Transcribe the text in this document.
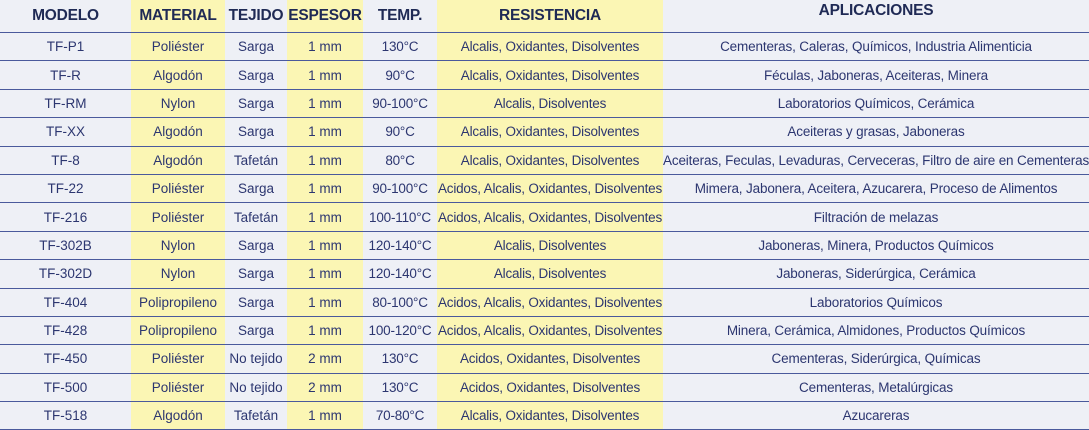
MODELO	MATERIAL	TEJIDO	ESPESOR	TEMP.	RESISTENCIA	APLICACIONES
TF-P1	Poliéster	Sarga	1 mm	130°C	Alcalis, Oxidantes, Disolventes	Cementeras, Caleras, Químicos, Industria Alimenticia
TF-R	Algodón	Sarga	1 mm	90°C	Alcalis, Oxidantes, Disolventes	Féculas, Jaboneras, Aceiteras, Minera
TF-RM	Nylon	Sarga	1 mm	90-100°C	Alcalis, Disolventes	Laboratorios Químicos, Cerámica
TF-XX	Algodón	Sarga	1 mm	90°C	Alcalis, Oxidantes, Disolventes	Aceiteras y grasas, Jaboneras
TF-8	Algodón	Tafetán	1 mm	80°C	Alcalis, Oxidantes, Disolventes	Aceiteras, Feculas, Levaduras, Cerveceras, Filtro de aire en Cementeras
TF-22	Poliéster	Sarga	1 mm	90-100°C	Acidos, Alcalis, Oxidantes, Disolventes	Mimera, Jabonera, Aceitera, Azucarera, Proceso de Alimentos
TF-216	Poliéster	Tafetán	1 mm	100-110°C	Acidos, Alcalis, Oxidantes, Disolventes	Filtración de melazas
TF-302B	Nylon	Sarga	1 mm	120-140°C	Alcalis, Disolventes	Jaboneras, Minera, Productos Químicos
TF-302D	Nylon	Sarga	1 mm	120-140°C	Alcalis, Disolventes	Jaboneras, Siderúrgica, Cerámica
TF-404	Polipropileno	Sarga	1 mm	80-100°C	Acidos, Alcalis, Oxidantes, Disolventes	Laboratorios Químicos
TF-428	Polipropileno	Sarga	1 mm	100-120°C	Acidos, Alcalis, Oxidantes, Disolventes	Minera, Cerámica, Almidones, Productos Químicos
TF-450	Poliéster	No tejido	2 mm	130°C	Acidos, Oxidantes, Disolventes	Cementeras, Siderúrgica, Químicas
TF-500	Poliéster	No tejido	2 mm	130°C	Acidos, Oxidantes, Disolventes	Cementeras, Metalúrgicas
TF-518	Algodón	Tafetán	1 mm	70-80°C	Alcalis, Oxidantes, Disolventes	Azucareras
